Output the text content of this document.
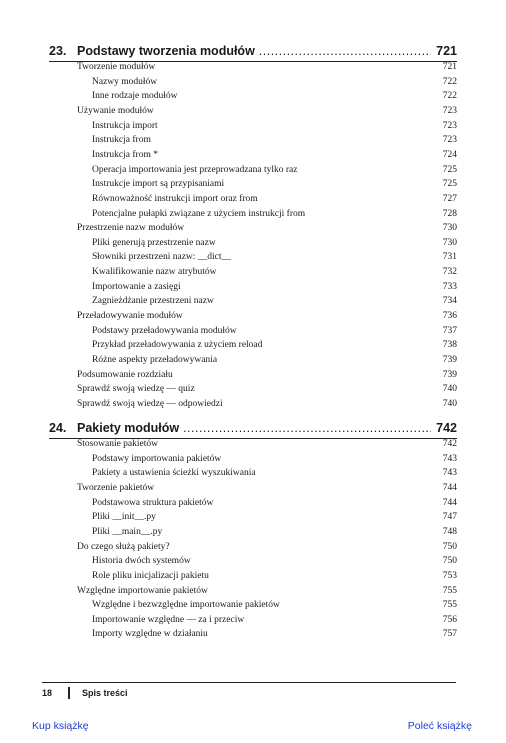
23. Podstawy tworzenia modułów .....	721
Tworzenie modułów	721
Nazwy modułów	722
Inne rodzaje modułów	722
Używanie modułów	723
Instrukcja import	723
Instrukcja from	723
Instrukcja from *	724
Operacja importowania jest przeprowadzana tylko raz	725
Instrukcje import są przypisaniami	725
Równoważność instrukcji import oraz from	727
Potencjalne pułapki związane z użyciem instrukcji from	728
Przestrzenie nazw modułów	730
Pliki generują przestrzenie nazw	730
Słowniki przestrzeni nazw: __dict__	731
Kwalifikowanie nazw atrybutów	732
Importowanie a zasięgi	733
Zagnieżdżanie przestrzeni nazw	734
Przeładowywanie modułów	736
Podstawy przeładowywania modułów	737
Przykład przeładowywania z użyciem reload	738
Różne aspekty przeładowywania	739
Podsumowanie rozdziału	739
Sprawdź swoją wiedzę — quiz	740
Sprawdź swoją wiedzę — odpowiedzi	740
24. Pakiety modułów .....	742
Stosowanie pakietów	742
Podstawy importowania pakietów	743
Pakiety a ustawienia ścieżki wyszukiwania	743
Tworzenie pakietów	744
Podstawowa struktura pakietów	744
Pliki __init__.py	747
Pliki __main__.py	748
Do czego służą pakiety?	750
Historia dwóch systemów	750
Role pliku inicjalizacji pakietu	753
Względne importowanie pakietów	755
Względne i bezwzględne importowanie pakietów	755
Importowanie względne — za i przeciw	756
Importy względne w działaniu	757
18	Spis treści
Kup książkę	Poleć książkę
